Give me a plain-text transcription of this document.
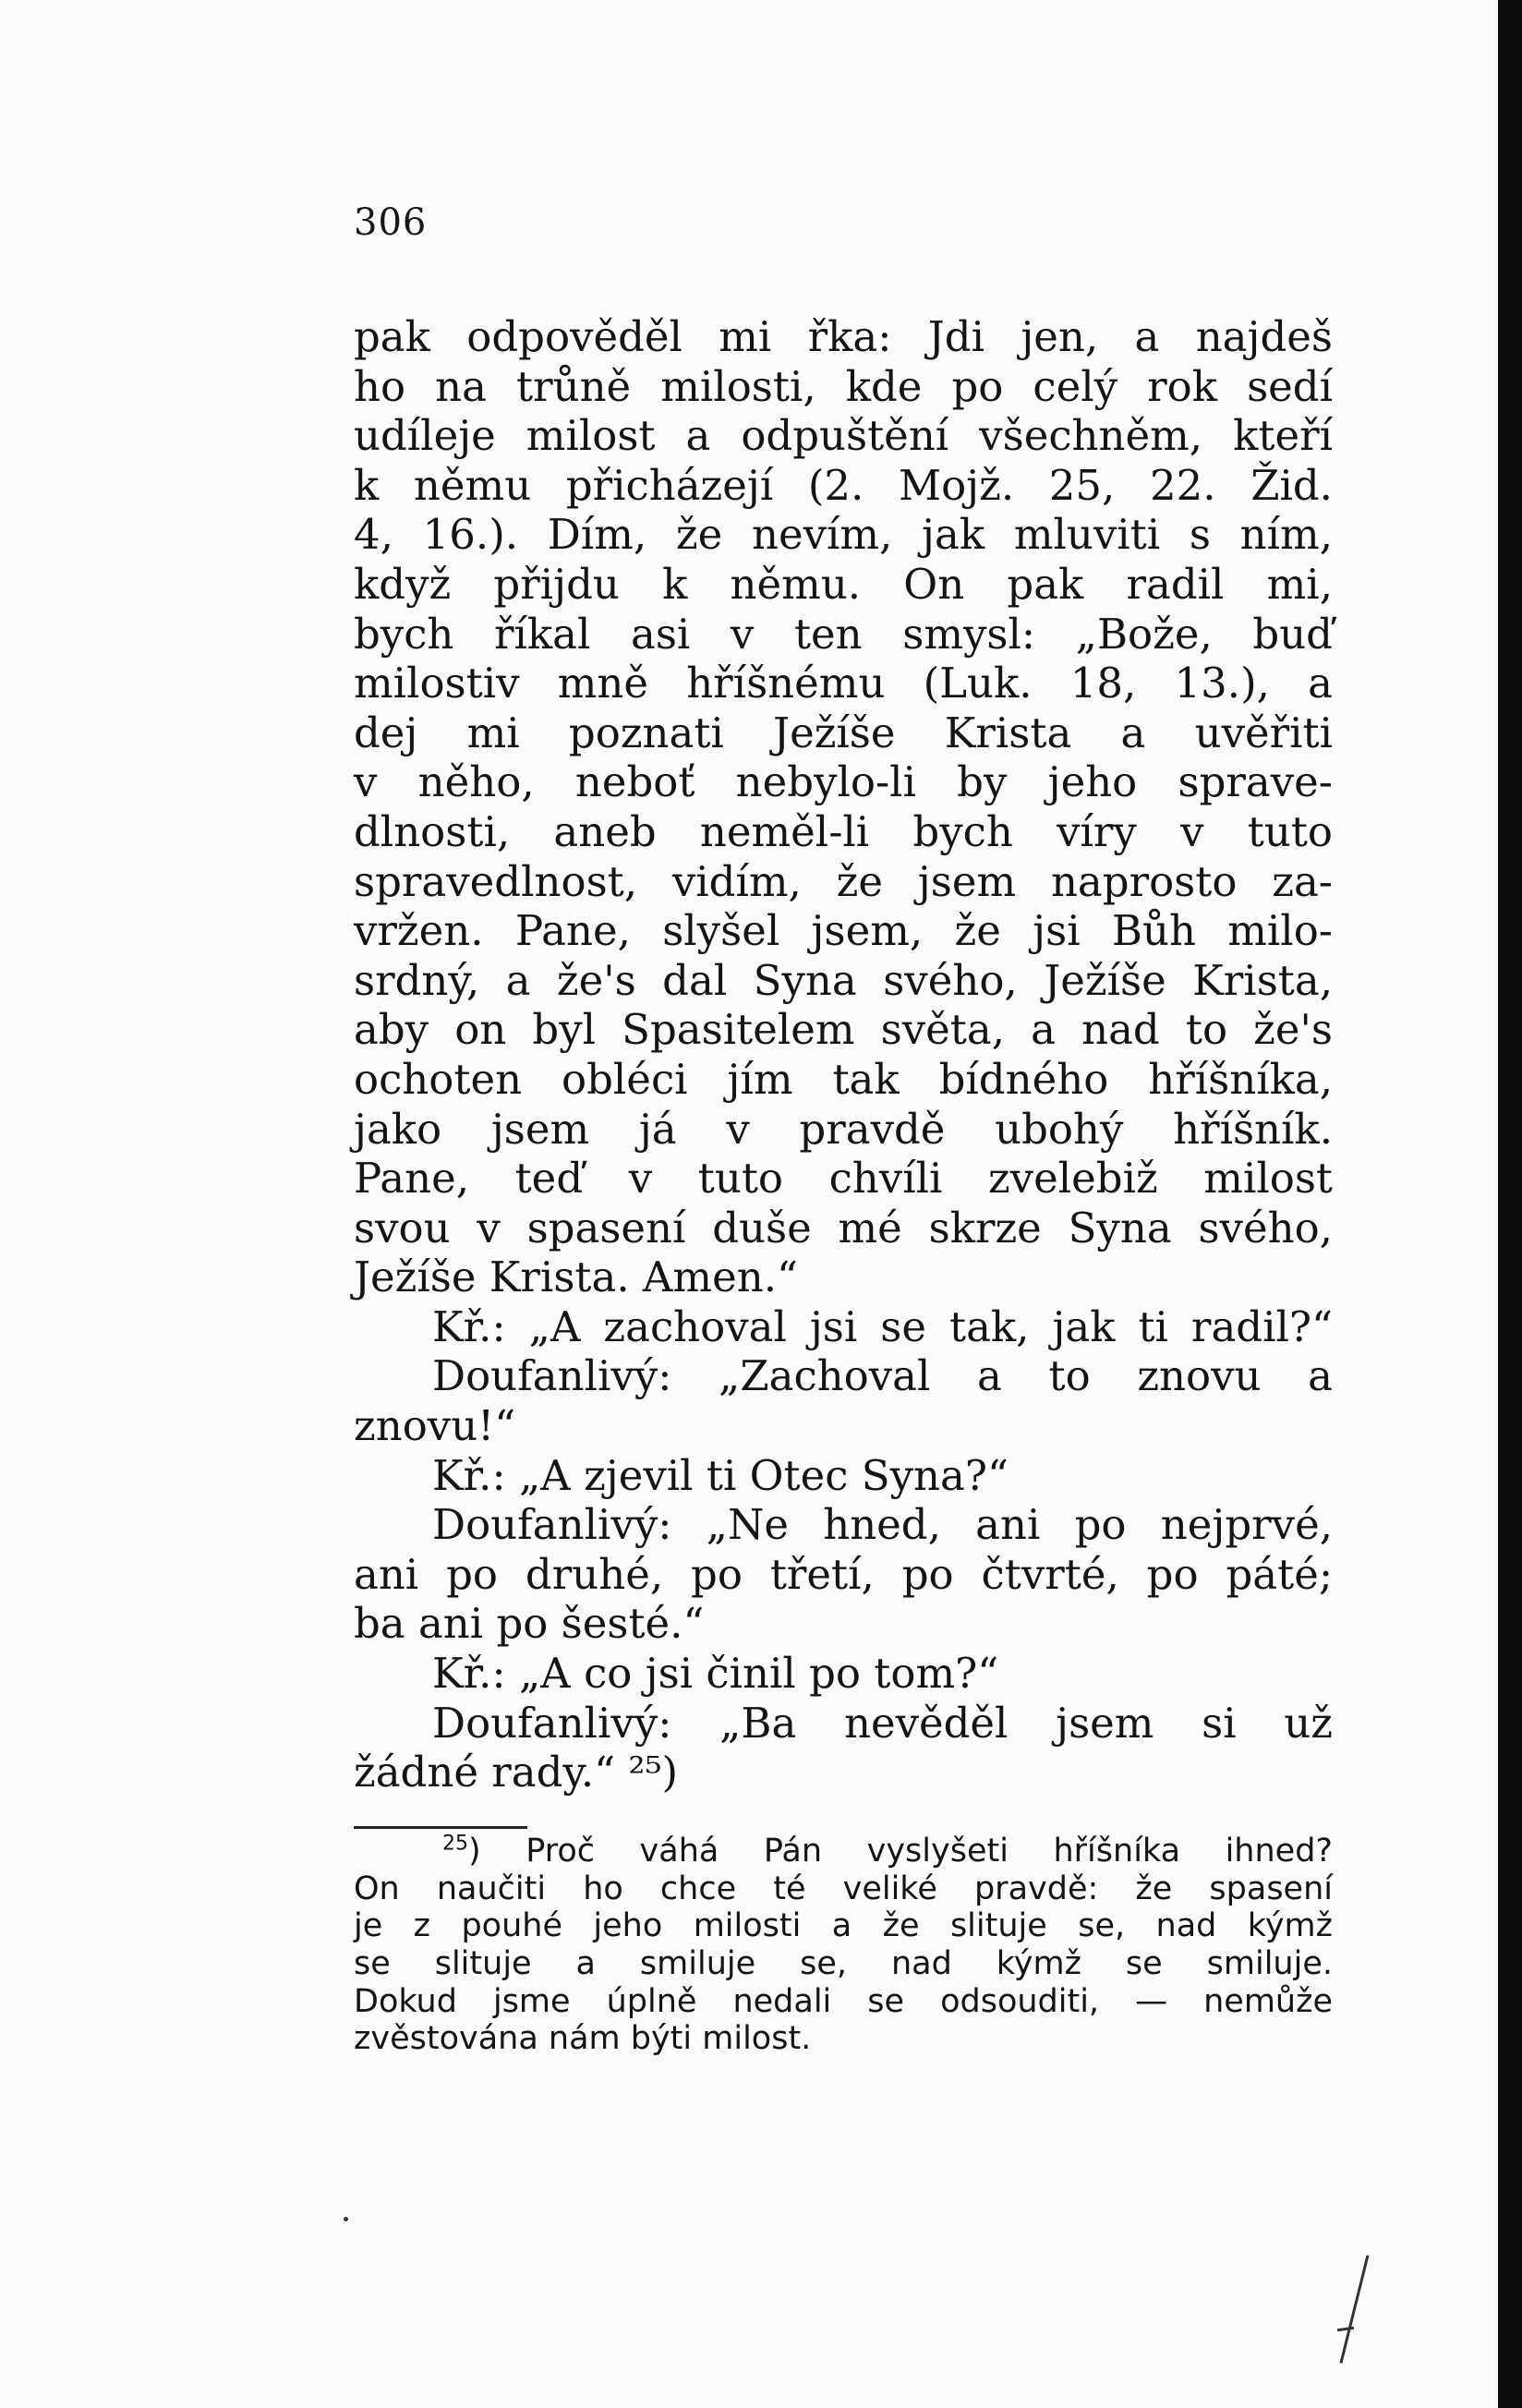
306
pak odpověděl mi řka: Jdi jen, a najdeš
ho na trůně milosti, kde po celý rok sedí
udíleje milost a odpuštění všechněm, kteří
k němu přicházejí (2. Mojž. 25, 22. Žid.
4, 16.). Dím, že nevím, jak mluviti s ním,
když přijdu k němu. On pak radil mi,
bych říkal asi v ten smysl: „Bože, buď
milostiv mně hříšnému (Luk. 18, 13.), a
dej mi poznati Ježíše Krista a uvěřiti
v něho, neboť nebylo-li by jeho sprave-
dlnosti, aneb neměl-li bych víry v tuto
spravedlnost, vidím, že jsem naprosto za-
vržen. Pane, slyšel jsem, že jsi Bůh milo-
srdný, a že's dal Syna svého, Ježíše Krista,
aby on byl Spasitelem světa, a nad to že's
ochoten obléci jím tak bídného hříšníka,
jako jsem já v pravdě ubohý hříšník.
Pane, teď v tuto chvíli zvelebiž milost
svou v spasení duše mé skrze Syna svého,
Ježíše Krista. Amen.“
Kř.: „A zachoval jsi se tak, jak ti radil?“
Doufanlivý: „Zachoval a to znovu a
znovu!“
Kř.: „A zjevil ti Otec Syna?“
Doufanlivý: „Ne hned, ani po nejprvé,
ani po druhé, po třetí, po čtvrté, po páté;
ba ani po šesté.“
Kř.: „A co jsi činil po tom?“
Doufanlivý: „Ba nevěděl jsem si už
žádné rady.“ ²⁵)
$^{25}$) Proč váhá Pán vyslyšeti hříšníka ihned?
On naučiti ho chce té veliké pravdě: že spasení
je z pouhé jeho milosti a že slituje se, nad kýmž
se slituje a smiluje se, nad kýmž se smiluje.
Dokud jsme úplně nedali se odsouditi, — nemůže
zvěstována nám býti milost.
